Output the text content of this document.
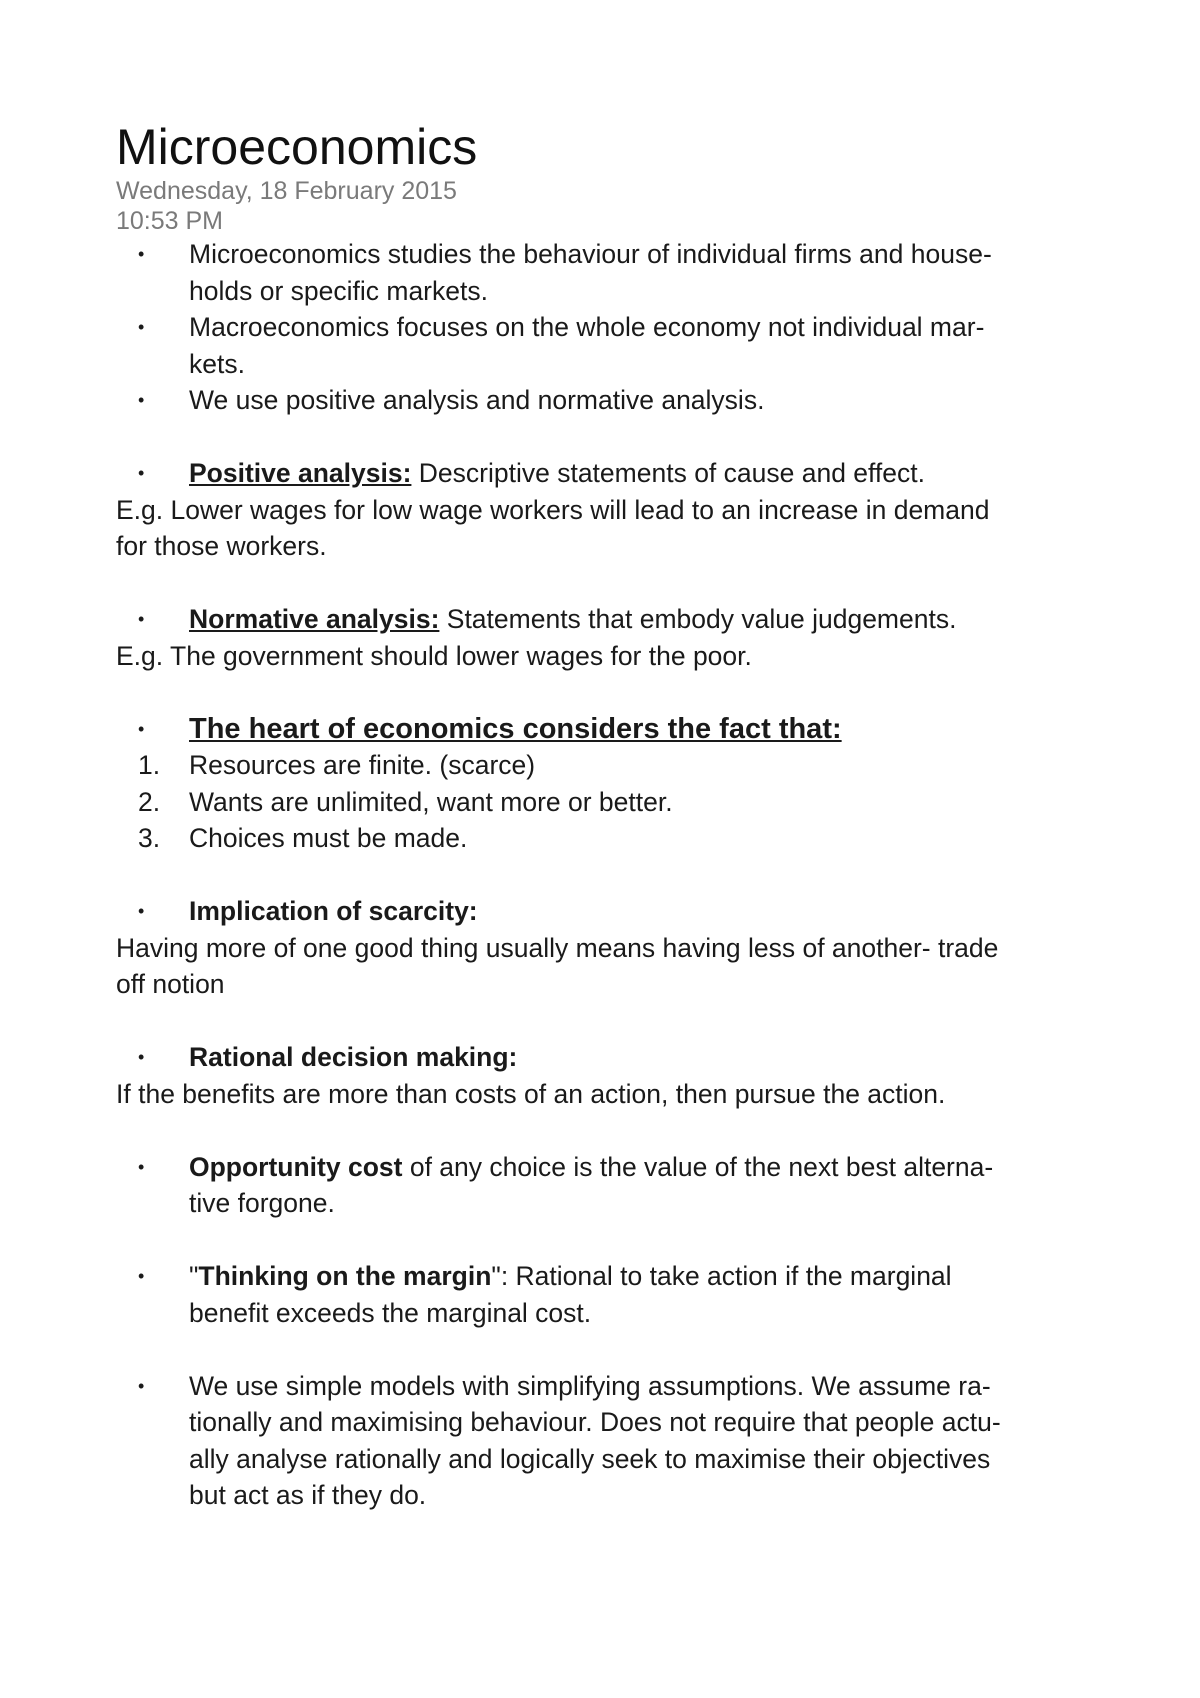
Microeconomics
Wednesday, 18 February 2015
10:53 PM
• Microeconomics studies the behaviour of individual firms and house-
holds or specific markets.
• Macroeconomics focuses on the whole economy not individual mar-
kets.
• We use positive analysis and normative analysis.
• Positive analysis: Descriptive statements of cause and effect.
E.g. Lower wages for low wage workers will lead to an increase in demand
for those workers.
• Normative analysis: Statements that embody value judgements.
E.g. The government should lower wages for the poor.
• The heart of economics considers the fact that:
1. Resources are finite. (scarce)
2. Wants are unlimited, want more or better.
3. Choices must be made.
• Implication of scarcity:
Having more of one good thing usually means having less of another- trade
off notion
• Rational decision making:
If the benefits are more than costs of an action, then pursue the action.
• Opportunity cost of any choice is the value of the next best alterna-
tive forgone.
• "Thinking on the margin": Rational to take action if the marginal
benefit exceeds the marginal cost.
• We use simple models with simplifying assumptions. We assume ra-
tionally and maximising behaviour. Does not require that people actu-
ally analyse rationally and logically seek to maximise their objectives
but act as if they do.
